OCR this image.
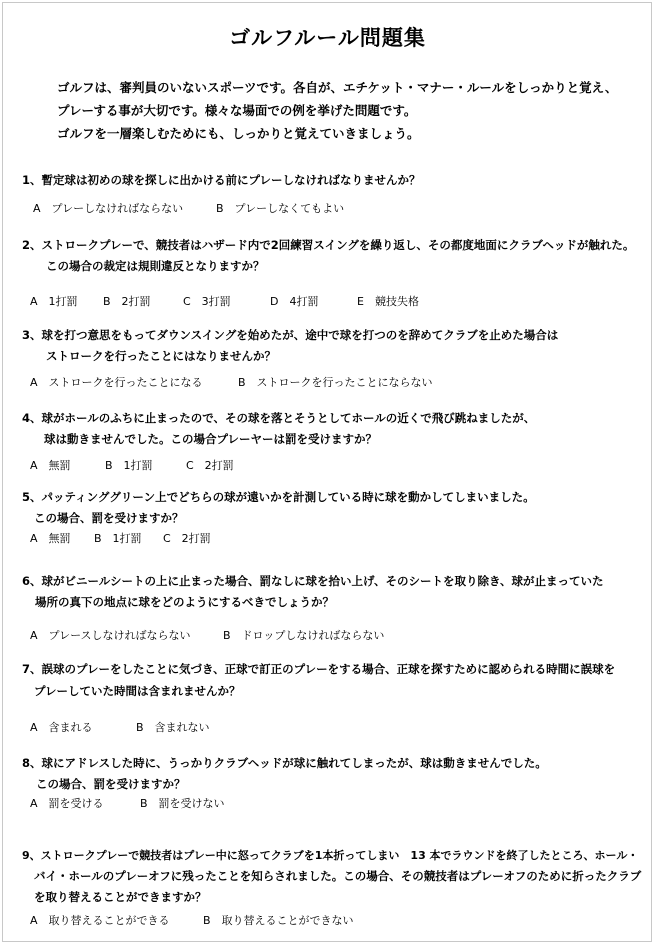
ゴルフルール問題集
ゴルフは、審判員のいないスポーツです。各自が、エチケット・マナー・ルールをしっかりと覚え、
プレーする事が大切です。様々な場面での例を挙げた問題です。
ゴルフを一層楽しむためにも、しっかりと覚えていきましょう。
1、暫定球は初めの球を探しに出かける前にプレーしなければなりませんか？
A　プレーしなければならない	B　プレーしなくてもよい
2、ストロークプレーで、競技者はハザード内で2回練習スイングを繰り返し、その都度地面にクラブヘッドが触れた。
この場合の裁定は規則違反となりますか？
A　1打罰 B　2打罰	C　3打罰	D　4打罰	E　競技失格
3、球を打つ意思をもってダウンスイングを始めたが、途中で球を打つのを辞めてクラブを止めた場合は
ストロークを行ったことにはなりませんか？
A　ストロークを行ったことになる	B　ストロークを行ったことにならない
4、球がホールのふちに止まったので、その球を落とそうとしてホールの近くで飛び跳ねましたが、
球は動きませんでした。この場合プレーヤーは罰を受けますか？
A　無罰	B　1打罰	C　2打罰
5、パッティンググリーン上でどちらの球が遠いかを計測している時に球を動かしてしまいました。
この場合、罰を受けますか？
A　無罰 B　1打罰 C　2打罰
6、球がビニールシートの上に止まった場合、罰なしに球を拾い上げ、そのシートを取り除き、球が止まっていた
場所の真下の地点に球をどのようにするべきでしょうか？
A　プレースしなければならない	B　ドロップしなければならない
7、誤球のプレーをしたことに気づき、正球で訂正のプレーをする場合、正球を探すために認められる時間に誤球を
プレーしていた時間は含まれませんか？
A　含まれる	B　含まれない
8、球にアドレスした時に、うっかりクラブヘッドが球に触れてしまったが、球は動きませんでした。
この場合、罰を受けますか？
A　罰を受ける	B　罰を受けない
9、ストロークプレーで競技者はプレー中に怒ってクラブを1本折ってしまい　13 本でラウンドを終了したところ、ホール・
バイ・ホールのプレーオフに残ったことを知らされました。この場合、その競技者はプレーオフのために折ったクラブ
を取り替えることができますか？
A　取り替えることができる	B　取り替えることができない
